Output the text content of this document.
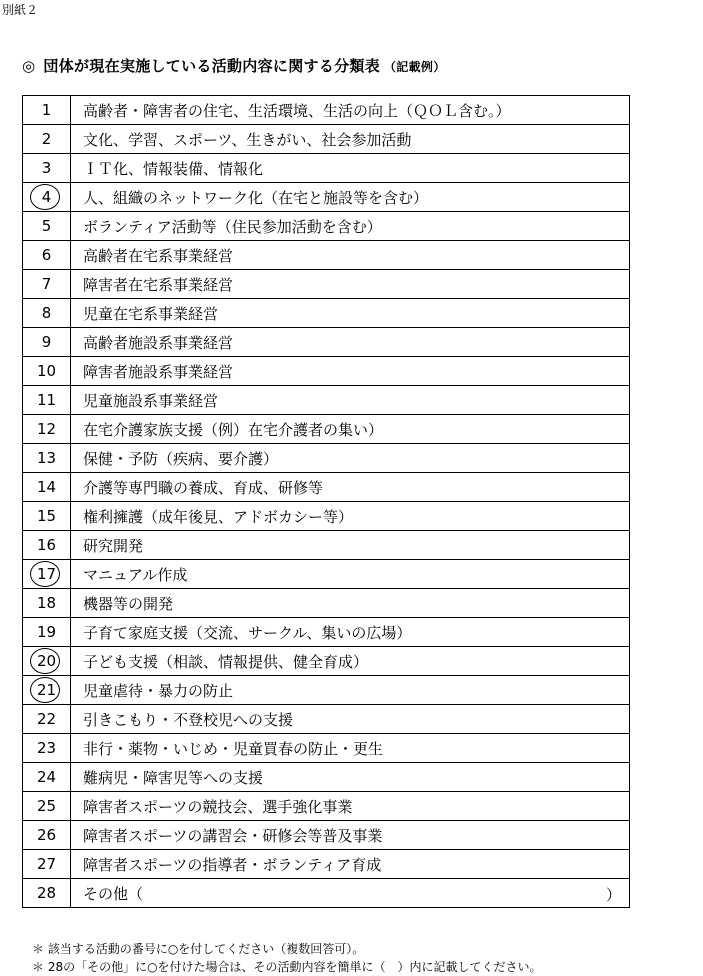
別紙２
◎ 団体が現在実施している活動内容に関する分類表 （記載例）
1	高齢者・障害者の住宅、生活環境、生活の向上（ＱＯＬ含む。）
2	文化、学習、スポーツ、生きがい、社会参加活動
3	ＩＴ化、情報装備、情報化
4	人、組織のネットワーク化（在宅と施設等を含む）
5	ボランティア活動等（住民参加活動を含む）
6	高齢者在宅系事業経営
7	障害者在宅系事業経営
8	児童在宅系事業経営
9	高齢者施設系事業経営
10	障害者施設系事業経営
11	児童施設系事業経営
12	在宅介護家族支援（例）在宅介護者の集い）
13	保健・予防（疾病、要介護）
14	介護等専門職の養成、育成、研修等
15	権利擁護（成年後見、アドボカシー等）
16	研究開発
17	マニュアル作成
18	機器等の開発
19	子育て家庭支援（交流、サークル、集いの広場）
20	子ども支援（相談、情報提供、健全育成）
21	児童虐待・暴力の防止
22	引きこもり・不登校児への支援
23	非行・薬物・いじめ・児童買春の防止・更生
24	難病児・障害児等への支援
25	障害者スポーツの競技会、選手強化事業
26	障害者スポーツの講習会・研修会等普及事業
27	障害者スポーツの指導者・ボランティア育成
28	その他（ ）
＊ 該当する活動の番号に○を付してください（複数回答可）。
＊ 28の「その他」に○を付けた場合は、その活動内容を簡単に（　）内に記載してください。
